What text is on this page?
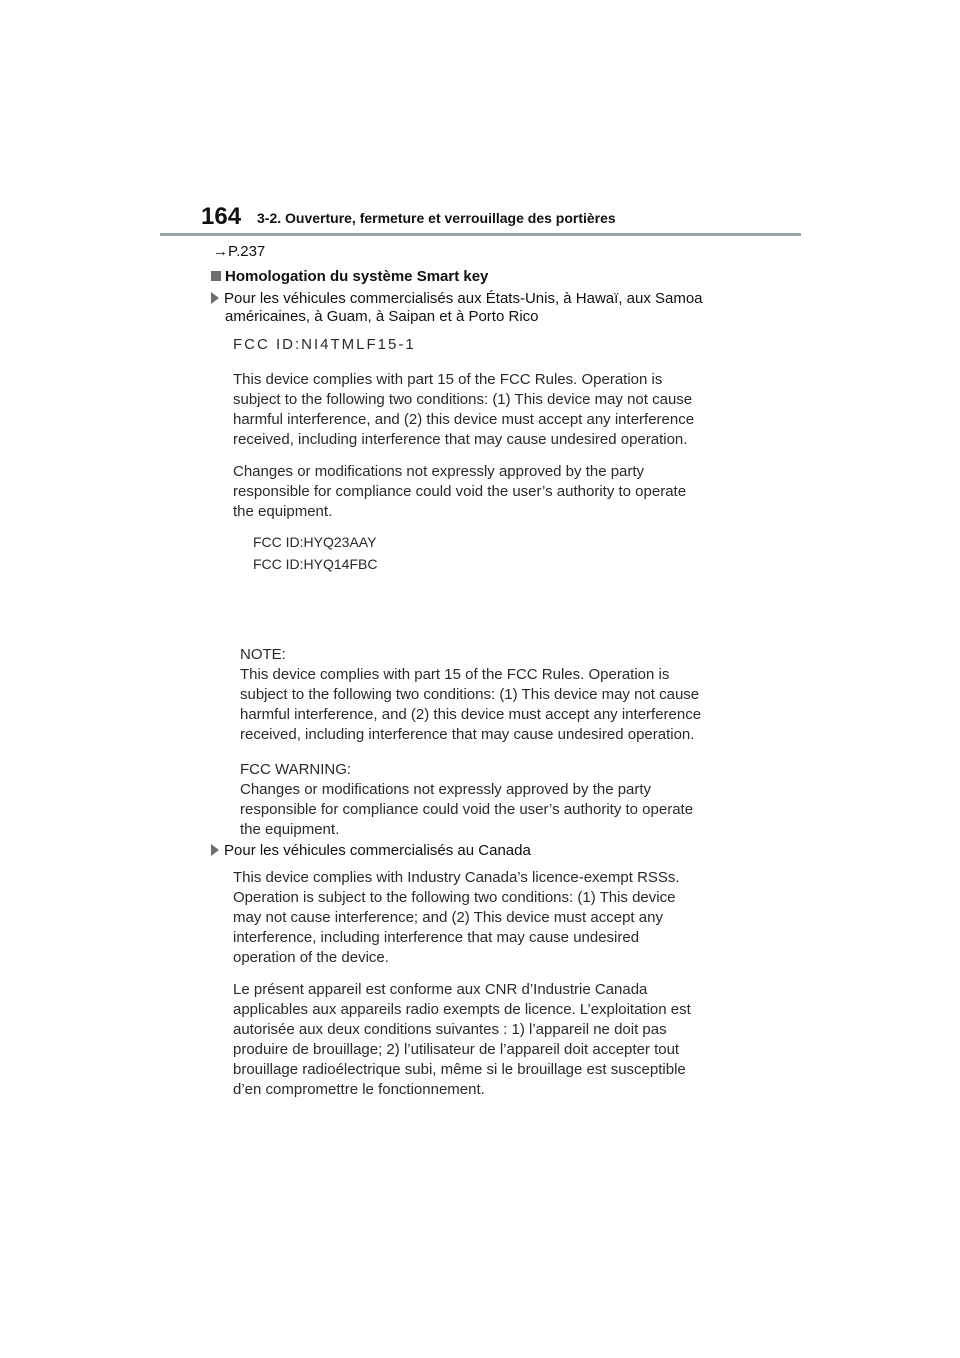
164 3-2. Ouverture, fermeture et verrouillage des portières
→P.237
Homologation du système Smart key
Pour les véhicules commercialisés aux États-Unis, à Hawaï, aux Samoa
américaines, à Guam, à Saipan et à Porto Rico
FCC ID:NI4TMLF15-1

This device complies with part 15 of the FCC Rules. Operation is

subject to the following two conditions: (1) This device may not cause

harmful interference, and (2) this device must accept any interference

received, including interference that may cause undesired operation.

Changes or modifications not expressly approved by the party

responsible for compliance could void the user’s authority to operate

the equipment.

FCC ID:HYQ23AAY

FCC ID:HYQ14FBC

NOTE:

This device complies with part 15 of the FCC Rules. Operation is

subject to the following two conditions: (1) This device may not cause

harmful interference, and (2) this device must accept any interference

received, including interference that may cause undesired operation.

FCC WARNING:

Changes or modifications not expressly approved by the party

responsible for compliance could void the user’s authority to operate

the equipment.

Pour les véhicules commercialisés au Canada

This device complies with Industry Canada’s licence-exempt RSSs.

Operation is subject to the following two conditions: (1) This device

may not cause interference; and (2) This device must accept any

interference, including interference that may cause undesired

operation of the device.

Le présent appareil est conforme aux CNR d’Industrie Canada

applicables aux appareils radio exempts de licence. L’exploitation est

autorisée aux deux conditions suivantes : 1) l’appareil ne doit pas

produire de brouillage; 2) l’utilisateur de l’appareil doit accepter tout

brouillage radioélectrique subi, même si le brouillage est susceptible

d’en compromettre le fonctionnement.
